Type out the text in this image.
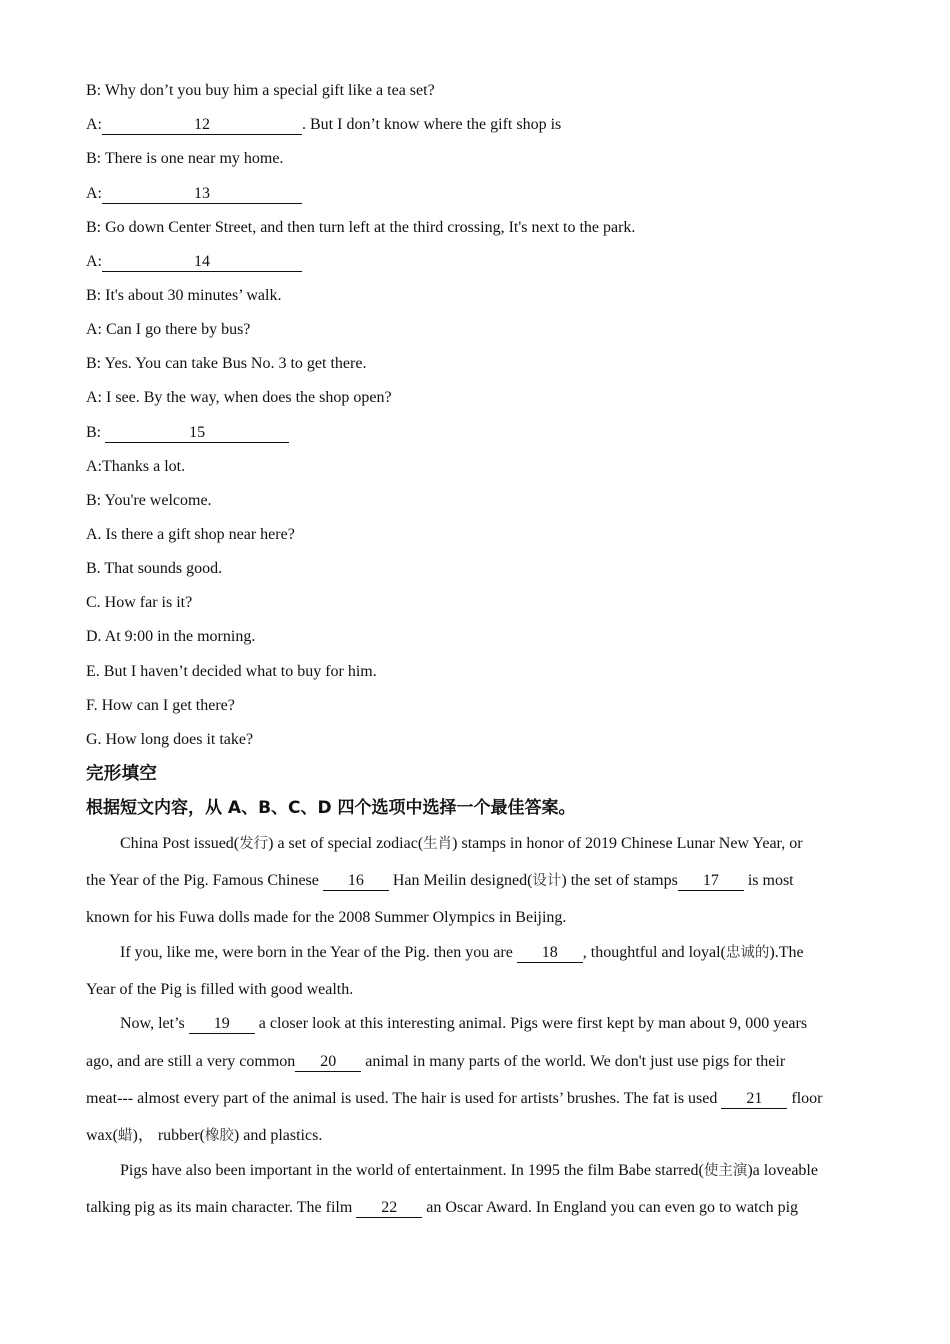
B: Why don’t you buy him a special gift like a tea set?
A:	12	. But I don’t know where the gift shop is
B: There is one near my home.
A:	13
B: Go down Center Street, and then turn left at the third crossing, It's next to the park.
A:	14
B: It's about 30 minutes’ walk.
A: Can I go there by bus?
B: Yes. You can take Bus No. 3 to get there.
A: I see. By the way, when does the shop open?
B:	15
A:Thanks a lot.
B: You're welcome.
A. Is there a gift shop near here?
B. That sounds good.
C. How far is it?
D. At 9:00 in the morning.
E. But I haven’t decided what to buy for him.
F. How can I get there?
G. How long does it take?
完形填空
根据短文内容，从 A、B、C、D 四个选项中选择一个最佳答案。
China Post issued(发行) a set of special zodiac(生肖) stamps in honor of 2019 Chinese Lunar New Year, or
the Year of the Pig. Famous Chinese 16 Han Meilin designed(设计) the set of stamps 17 is most
known for his Fuwa dolls made for the 2008 Summer Olympics in Beijing.
If you, like me, were born in the Year of the Pig. then you are 18 , thoughtful and loyal(忠诚的).The
Year of the Pig is filled with good wealth.
Now, let’s 19 a closer look at this interesting animal. Pigs were first kept by man about 9, 000 years
ago, and are still a very common 20 animal in many parts of the world. We don't just use pigs for their
meat--- almost every part of the animal is used. The hair is used for artists’ brushes. The fat is used 21 floor
wax(蜡)， rubber(橡胶) and plastics.
Pigs have also been important in the world of entertainment. In 1995 the film Babe starred(使主演)a loveable
talking pig as its main character. The film 22 an Oscar Award. In England you can even go to watch pig
